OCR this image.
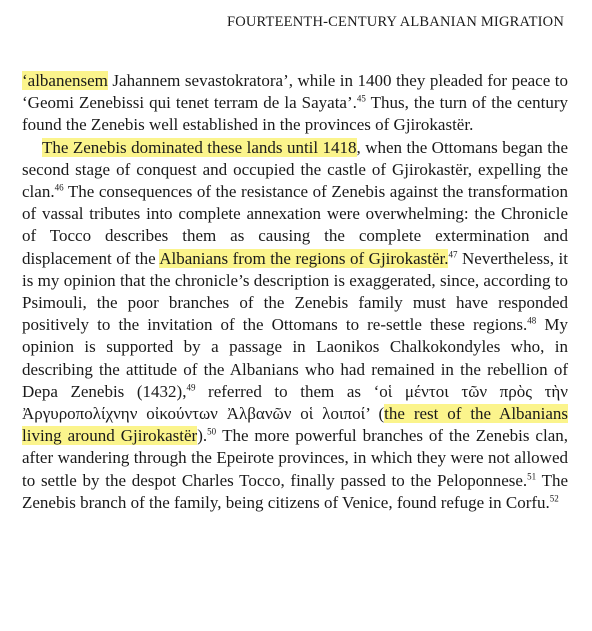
FOURTEENTH-CENTURY ALBANIAN MIGRATION

‘albanensem Jahannem sevastokratora’, while in 1400 they pleaded for peace to ‘Geomi Zenebissi qui tenet terram de la Sayata’.$^{45}$ Thus, the turn of the century found the Zenebis well established in the provinces of Gjirokastër.

The Zenebis dominated these lands until 1418, when the Ottomans began the second stage of conquest and occupied the castle of Gjirokastër, expelling the clan.$^{46}$ The consequences of the resistance of Zenebis against the transformation of vassal tributes into complete annexation were overwhelming: the Chronicle of Tocco describes them as causing the complete extermination and displacement of the Albanians from the regions of Gjirokastër.$^{47}$ Nevertheless, it is my opinion that the chronicle’s description is exaggerated, since, according to Psimouli, the poor branches of the Zenebis family must have responded positively to the invitation of the Ottomans to re-settle these regions.$^{48}$ My opinion is supported by a passage in Laonikos Chalkokondyles who, in describing the attitude of the Albanians who had remained in the rebellion of Depa Zenebis (1432),$^{49}$ referred to them as ‘οἱ μέντοι τῶν πρὸς τὴν Ἀργυροπολίχνην οἰκούντων Ἀλβανῶν οἱ λοιποί’ (the rest of the Albanians living around Gjirokastër).$^{50}$ The more powerful branches of the Zenebis clan, after wandering through the Epeirote provinces, in which they were not allowed to settle by the despot Charles Tocco, finally passed to the Peloponnese.$^{51}$ The Zenebis branch of the family, being citizens of Venice, found refuge in Corfu.$^{52}$
